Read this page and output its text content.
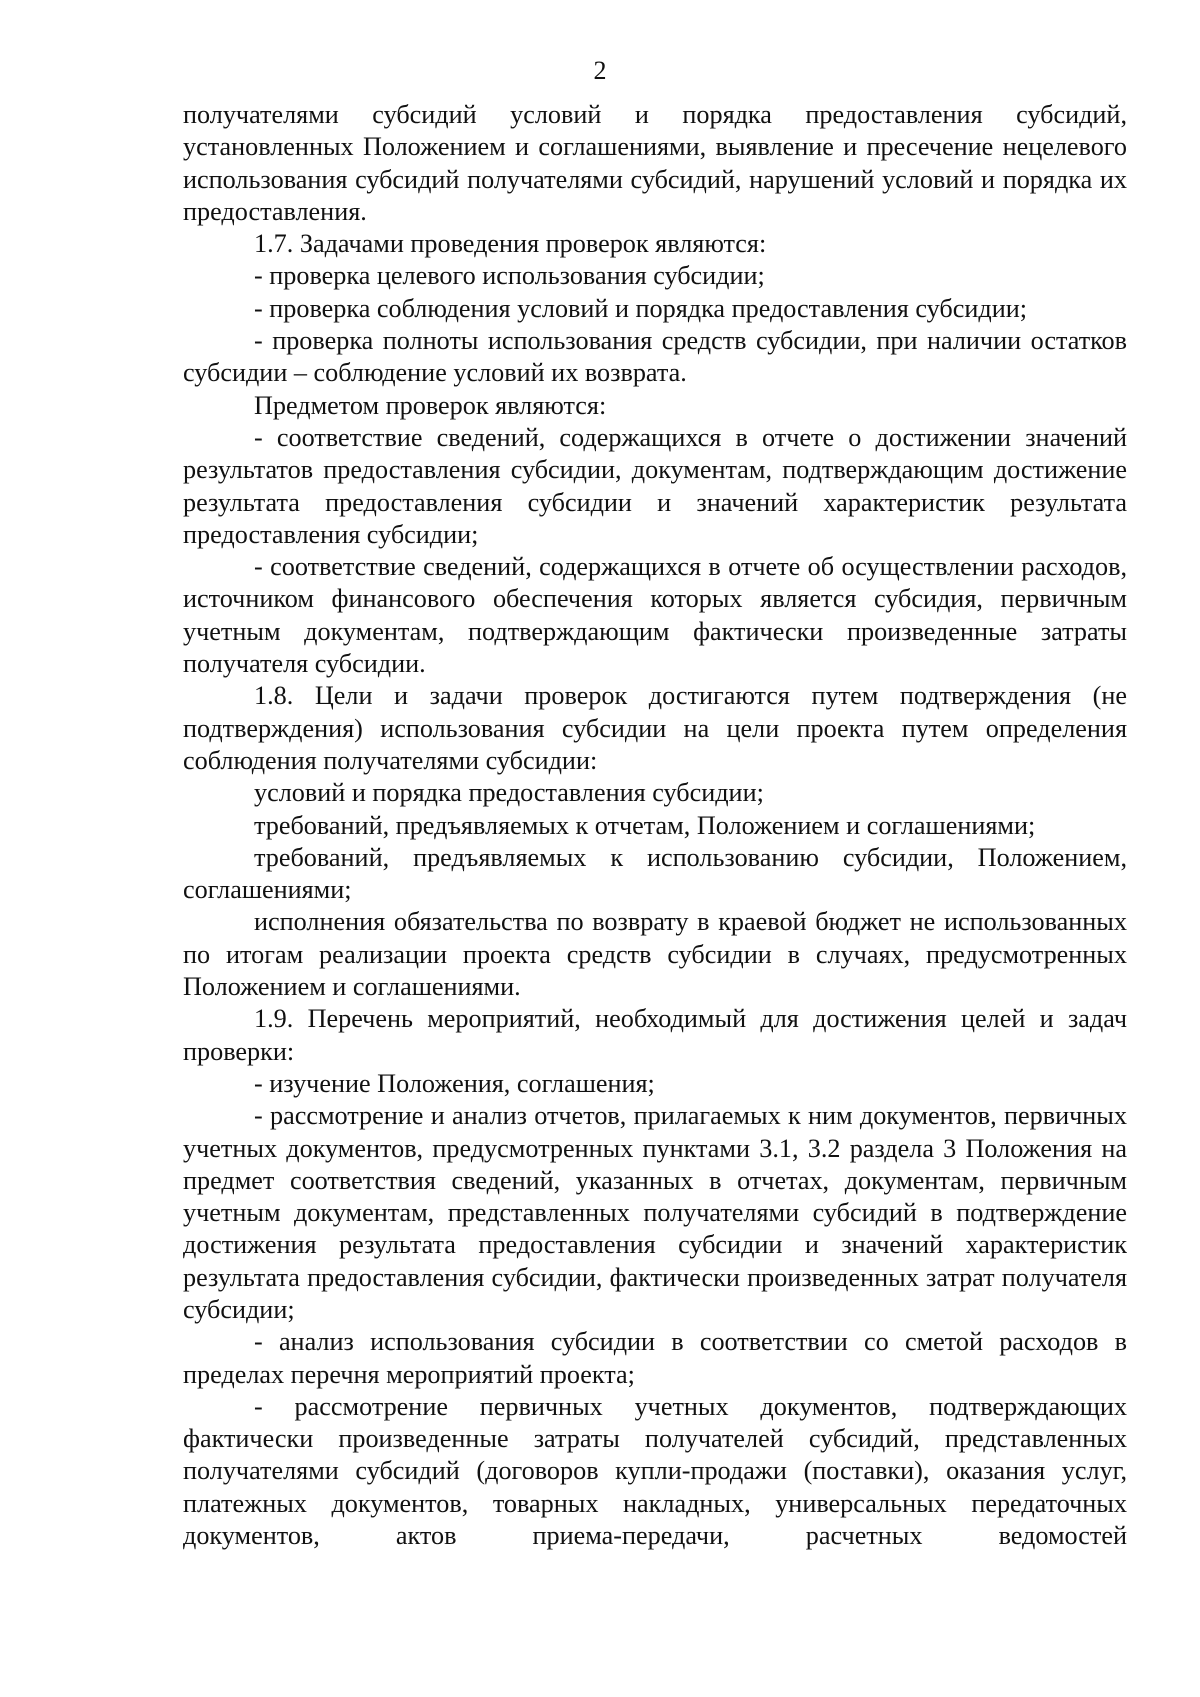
2

получателями субсидий условий и порядка предоставления субсидий, установленных Положением и соглашениями, выявление и пресечение нецелевого использования субсидий получателями субсидий, нарушений условий и порядка их предоставления.

1.7. Задачами проведения проверок являются:

- проверка целевого использования субсидии;

- проверка соблюдения условий и порядка предоставления субсидии;

- проверка полноты использования средств субсидии, при наличии остатков субсидии – соблюдение условий их возврата.

Предметом проверок являются:

- соответствие сведений, содержащихся в отчете о достижении значений результатов предоставления субсидии, документам, подтверждающим достижение результата предоставления субсидии и значений характеристик результата предоставления субсидии;

- соответствие сведений, содержащихся в отчете об осуществлении расходов, источником финансового обеспечения которых является субсидия, первичным учетным документам, подтверждающим фактически произведенные затраты получателя субсидии.

1.8. Цели и задачи проверок достигаются путем подтверждения (не подтверждения) использования субсидии на цели проекта путем определения соблюдения получателями субсидии:

условий и порядка предоставления субсидии;

требований, предъявляемых к отчетам, Положением и соглашениями;

требований, предъявляемых к использованию субсидии, Положением, соглашениями;

исполнения обязательства по возврату в краевой бюджет не использованных по итогам реализации проекта средств субсидии в случаях, предусмотренных Положением и соглашениями.

1.9. Перечень мероприятий, необходимый для достижения целей и задач проверки:

- изучение Положения, соглашения;

- рассмотрение и анализ отчетов, прилагаемых к ним документов, первичных учетных документов, предусмотренных пунктами 3.1, 3.2 раздела 3 Положения на предмет соответствия сведений, указанных в отчетах, документам, первичным учетным документам, представленных получателями субсидий в подтверждение достижения результата предоставления субсидии и значений характеристик результата предоставления субсидии, фактически произведенных затрат получателя субсидии;

- анализ использования субсидии в соответствии со сметой расходов в пределах перечня мероприятий проекта;

- рассмотрение первичных учетных документов, подтверждающих фактически произведенные затраты получателей субсидий, представленных получателями субсидий (договоров купли-продажи (поставки), оказания услуг, платежных документов, товарных накладных, универсальных передаточных документов, актов приема-передачи, расчетных ведомостей
